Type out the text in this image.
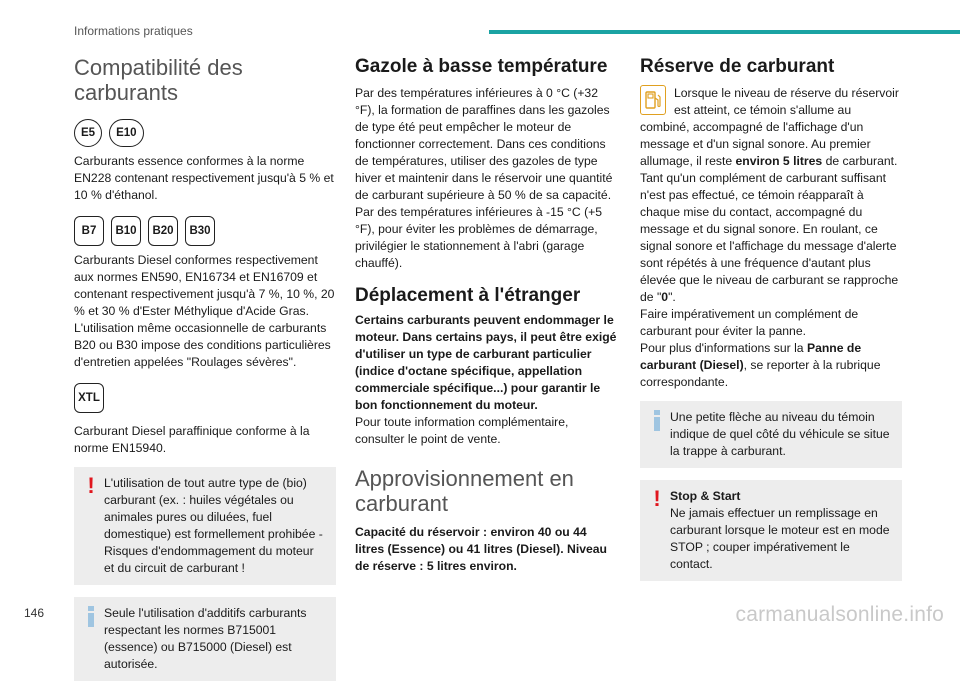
Informations pratiques
Compatibilité des carburants
E5	E10

Carburants essence conformes à la norme EN228 contenant respectivement jusqu'à 5 % et 10 % d'éthanol.

B7	B10	B20	B30

Carburants Diesel conformes respectivement aux normes EN590, EN16734 et EN16709 et contenant respectivement jusqu'à 7 %, 10 %, 20 % et 30 % d'Ester Méthylique d'Acide Gras. L'utilisation même occasionnelle de carburants B20 ou B30 impose des conditions particulières d'entretien appelées "Roulages sévères".

XTL

Carburant Diesel paraffinique conforme à la norme EN15940.

! L'utilisation de tout autre type de (bio) carburant (ex. : huiles végétales ou animales pures ou diluées, fuel domestique) est formellement prohibée - Risques d'endommagement du moteur et du circuit de carburant !
Seule l'utilisation d'additifs carburants respectant les normes B715001 (essence) ou B715000 (Diesel) est autorisée.
Gazole à basse température

Par des températures inférieures à 0 °C (+32 °F), la formation de paraffines dans les gazoles de type été peut empêcher le moteur de fonctionner correctement. Dans ces conditions de températures, utiliser des gazoles de type hiver et maintenir dans le réservoir une quantité de carburant supérieure à 50 % de sa capacité. Par des températures inférieures à -15 °C (+5 °F), pour éviter les problèmes de démarrage, privilégier le stationnement à l'abri (garage chauffé).

Déplacement à l'étranger

Certains carburants peuvent endommager le moteur. Dans certains pays, il peut être exigé d'utiliser un type de carburant particulier (indice d'octane spécifique, appellation commerciale spécifique...) pour garantir le bon fonctionnement du moteur.

Pour toute information complémentaire, consulter le point de vente.

Approvisionnement en carburant

Capacité du réservoir : environ 40 ou 44 litres (Essence) ou 41 litres (Diesel). Niveau de réserve : 5 litres environ.

Réserve de carburant

Lorsque le niveau de réserve du réservoir est atteint, ce témoin s'allume au combiné, accompagné de l'affichage d'un message et d'un signal sonore. Au premier allumage, il reste environ 5 litres de carburant. Tant qu'un complément de carburant suffisant n'est pas effectué, ce témoin réapparaît à chaque mise du contact, accompagné du message et du signal sonore. En roulant, ce signal sonore et l'affichage du message d'alerte sont répétés à une fréquence d'autant plus élevée que le niveau de carburant se rapproche de "0".

Faire impérativement un complément de carburant pour éviter la panne.

Pour plus d'informations sur la Panne de carburant (Diesel), se reporter à la rubrique correspondante.

Une petite flèche au niveau du témoin indique de quel côté du véhicule se situe la trappe à carburant.
! Stop & Start
Ne jamais effectuer un remplissage en carburant lorsque le moteur est en mode STOP ; couper impérativement le contact.
146	carmanualsonline.info
